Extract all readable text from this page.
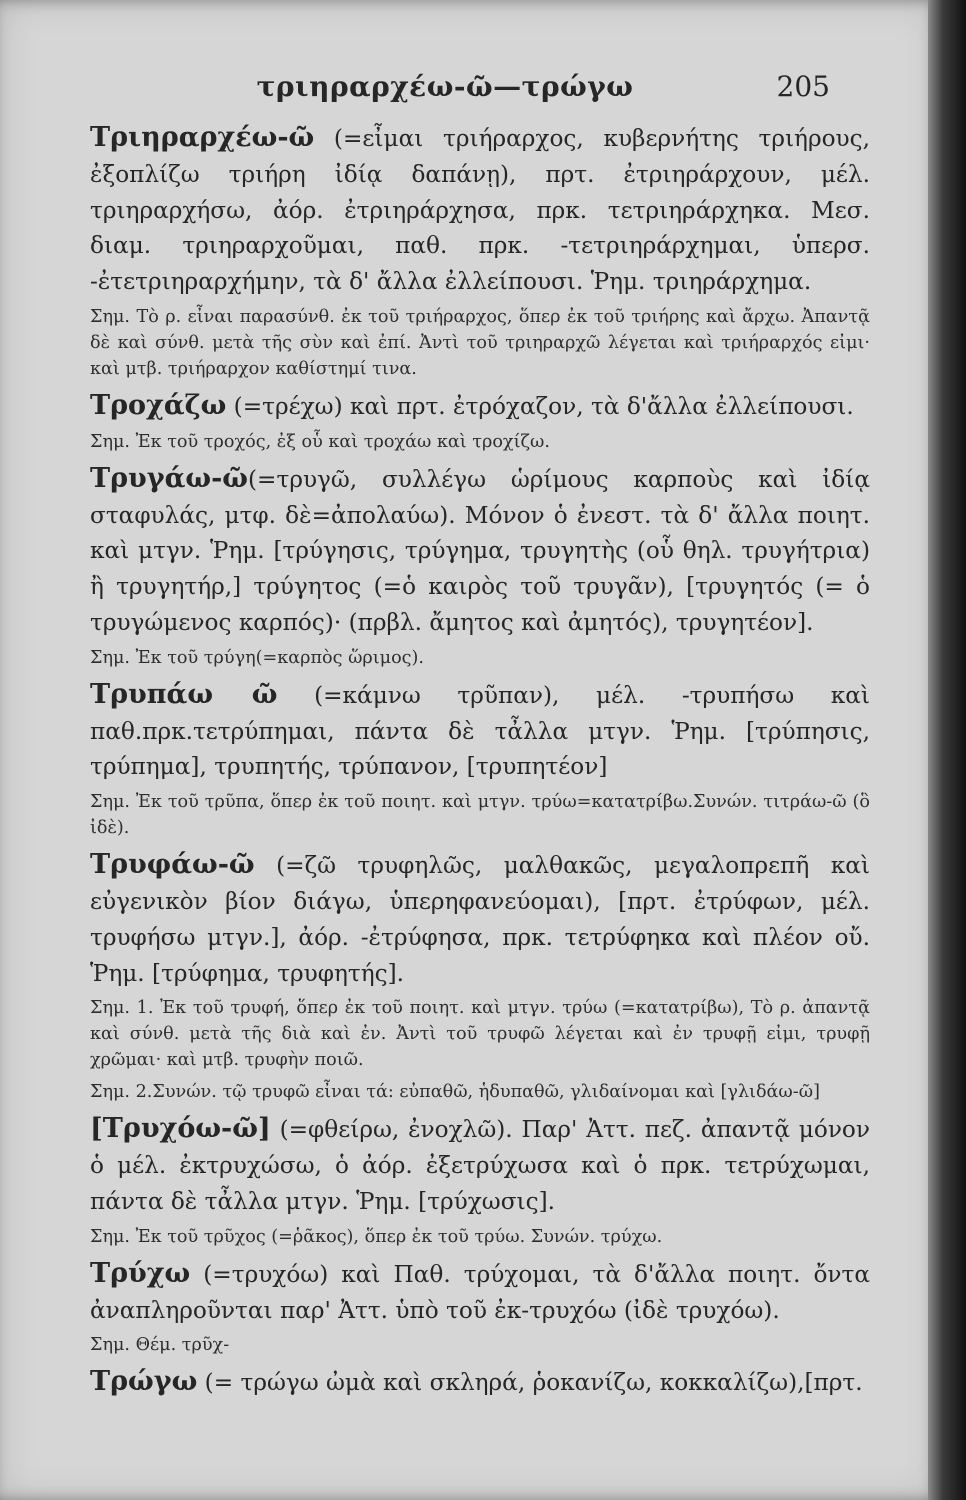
τριηραρχέω-ῶ—τρώγω	205

Τριηραρχέω-ῶ (=εἶμαι τριήραρχος, κυβερνήτης τριήρους, ἐξοπλίζω τριήρη ἰδίᾳ δαπάνῃ), πρτ. ἐτριηράρχουν, μέλ. τριηραρχήσω, ἀόρ. ἐτριηράρχησα, πρκ. τετριηράρχηκα. Μεσ. διαμ. τριηραρχοῦμαι, παθ. πρκ. -τετριηράρχημαι, ὑπερσ. -ἐτετριηραρχήμην, τὰ δ' ἄλλα ἐλλείπουσι. Ῥημ. τριηράρχημα.

Σημ. Τὸ ρ. εἶναι παρασύνθ. ἐκ τοῦ τριήραρχος, ὅπερ ἐκ τοῦ τριήρης καὶ ἄρχω. Ἀπαντᾷ δὲ καὶ σύνθ. μετὰ τῆς σὺν καὶ ἐπί. Ἀντὶ τοῦ τριηραρχῶ λέγεται καὶ τριήραρχός εἰμι· καὶ μτβ. τριήραρχον καθίστημί τινα.

Τροχάζω (=τρέχω) καὶ πρτ. ἐτρόχαζον, τὰ δ'ἄλλα ἐλλείπουσι.

Σημ. Ἐκ τοῦ τροχός, ἐξ οὗ καὶ τροχάω καὶ τροχίζω.

Τρυγάω-ῶ(=τρυγῶ, συλλέγω ὡρίμους καρποὺς καὶ ἰδίᾳ σταφυλάς, μτφ. δὲ=ἀπολαύω). Μόνον ὁ ἐνεστ. τὰ δ' ἄλλα ποιητ. καὶ μτγν. Ῥημ. [τρύγησις, τρύγημα, τρυγητὴς (οὗ θηλ. τρυγήτρια) ἢ τρυγητήρ,] τρύγητος (=ὁ καιρὸς τοῦ τρυγᾶν), [τρυγητός (= ὁ τρυγώμενος καρπός)· (πρβλ. ἄμητος καὶ ἀμητός), τρυγητέον].

Σημ. Ἐκ τοῦ τρύγη(=καρπὸς ὥριμος).

Τρυπάω ῶ (=κάμνω τρῦπαν), μέλ. -τρυπήσω καὶ παθ.πρκ.τετρύπημαι, πάντα δὲ τἆλλα μτγν. Ῥημ. [τρύπησις, τρύπημα], τρυπητής, τρύπανον, [τρυπητέον]

Σημ. Ἐκ τοῦ τρῦπα, ὅπερ ἐκ τοῦ ποιητ. καὶ μτγν. τρύω=κατατρίβω.Συνών. τιτράω-ῶ (ὃ ἰδὲ).

Τρυφάω-ῶ (=ζῶ τρυφηλῶς, μαλθακῶς, μεγαλοπρεπῆ καὶ εὐγενικὸν βίον διάγω, ὑπερηφανεύομαι), [πρτ. ἐτρύφων, μέλ. τρυφήσω μτγν.], ἀόρ. -ἐτρύφησα, πρκ. τετρύφηκα καὶ πλέον οὔ. Ῥημ. [τρύφημα, τρυφητής].

Σημ. 1. Ἐκ τοῦ τρυφή, ὅπερ ἐκ τοῦ ποιητ. καὶ μτγν. τρύω (=κατατρίβω), Τὸ ρ. ἀπαντᾷ καὶ σύνθ. μετὰ τῆς διὰ καὶ ἐν. Ἀντὶ τοῦ τρυφῶ λέγεται καὶ ἐν τρυφῇ εἰμι, τρυφῇ χρῶμαι· καὶ μτβ. τρυφὴν ποιῶ.

Σημ. 2.Συνών. τῷ τρυφῶ εἶναι τά: εὐπαθῶ, ἡδυπαθῶ, γλιδαίνομαι καὶ [γλιδάω-ῶ]

[Τρυχόω-ῶ] (=φθείρω, ἐνοχλῶ). Παρ' Ἀττ. πεζ. ἀπαντᾷ μόνον ὁ μέλ. ἐκτρυχώσω, ὁ ἀόρ. ἐξετρύχωσα καὶ ὁ πρκ. τετρύχωμαι, πάντα δὲ τἆλλα μτγν. Ῥημ. [τρύχωσις].

Σημ. Ἐκ τοῦ τρῦχος (=ῥᾶκος), ὅπερ ἐκ τοῦ τρύω. Συνών. τρύχω.

Τρύχω (=τρυχόω) καὶ Παθ. τρύχομαι, τὰ δ'ἄλλα ποιητ. ὄντα ἀναπληροῦνται παρ' Ἀττ. ὑπὸ τοῦ ἐκ-τρυχόω (ἰδὲ τρυχόω).

Σημ. Θέμ. τρῦχ-

Τρώγω (= τρώγω ὠμὰ καὶ σκληρά, ῥοκανίζω, κοκκαλίζω),[πρτ.
